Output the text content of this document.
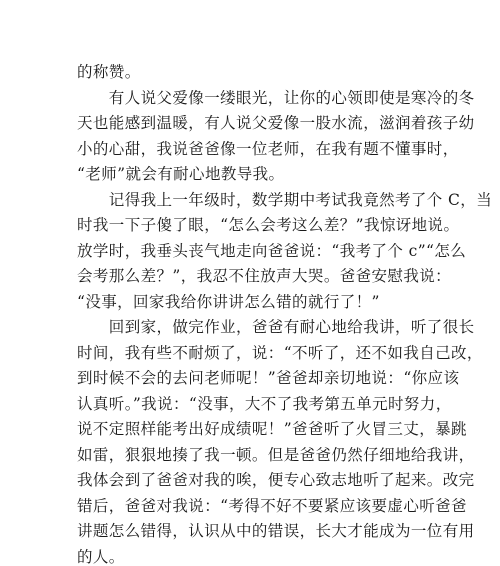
的称赞。
　　有人说父爱像一缕眼光，让你的心领即使是寒冷的冬
天也能感到温暖，有人说父爱像一股水流，滋润着孩子幼
小的心甜，我说爸爸像一位老师，在我有题不懂事时，
“老师”就会有耐心地教导我。
　　记得我上一年级时，数学期中考试我竟然考了个 C，当
时我一下子傻了眼，“怎么会考这么差？”我惊讶地说。
放学时，我垂头丧气地走向爸爸说：“我考了个 c”“怎么
会考那么差？”，我忍不住放声大哭。爸爸安慰我说：
“没事，回家我给你讲讲怎么错的就行了！”
　　回到家，做完作业，爸爸有耐心地给我讲，听了很长
时间，我有些不耐烦了，说：“不听了，还不如我自己改，
到时候不会的去问老师呢！”爸爸却亲切地说：“你应该
认真听。”我说：“没事，大不了我考第五单元时努力，
说不定照样能考出好成绩呢！”爸爸听了火冒三丈，暴跳
如雷，狠狠地揍了我一顿。但是爸爸仍然仔细地给我讲，
我体会到了爸爸对我的唉，便专心致志地听了起来。改完
错后，爸爸对我说：“考得不好不要紧应该要虚心听爸爸
讲题怎么错得，认识从中的错误，长大才能成为一位有用
的人。
